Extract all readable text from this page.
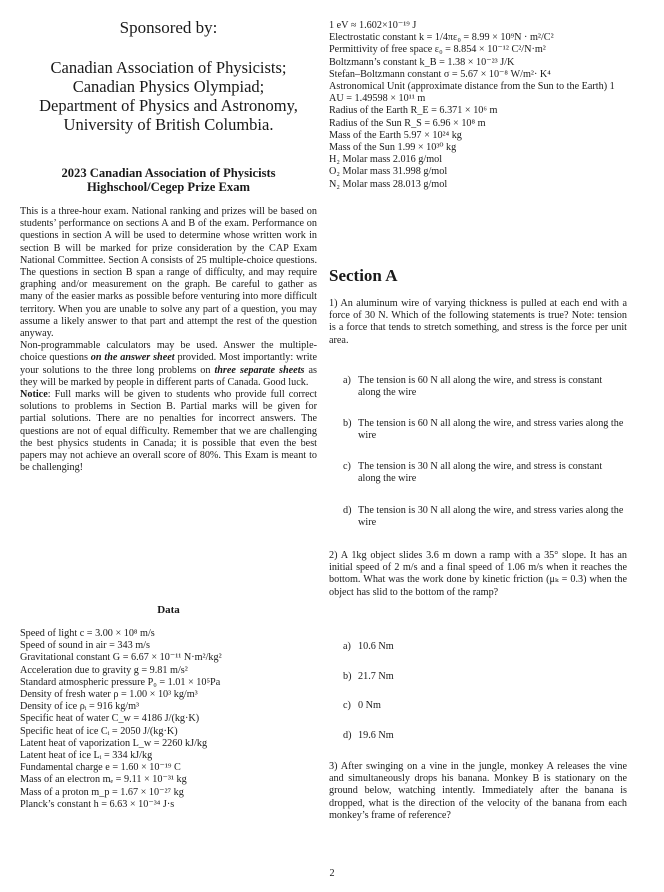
Sponsored by:
Canadian Association of Physicists;
Canadian Physics Olympiad;
Department of Physics and Astronomy,
University of British Columbia.
2023 Canadian Association of Physicists
Highschool/Cegep Prize Exam

This is a three-hour exam. National ranking and prizes will be based on students’ performance on sections A and B of the exam. Performance on questions in section A will be used to determine whose written work in section B will be marked for prize consideration by the CAP Exam National Committee. Section A consists of 25 multiple-choice questions. The questions in section B span a range of difficulty, and may require graphing and/or measurement on the graph. Be careful to gather as many of the easier marks as possible before venturing into more difficult territory. When you are unable to solve any part of a question, you may assume a likely answer to that part and attempt the rest of the question anyway.

Non-programmable calculators may be used. Answer the multiple-choice questions on the answer sheet provided. Most importantly: write your solutions to the three long problems on three separate sheets as they will be marked by people in different parts of Canada. Good luck.

Notice: Full marks will be given to students who provide full correct solutions to problems in Section B. Partial marks will be given for partial solutions. There are no penalties for incorrect answers. The questions are not of equal difficulty. Remember that we are challenging the best physics students in Canada; it is possible that even the best papers may not achieve an overall score of 80%. This Exam is meant to be challenging!

Data
Speed of light c = 3.00 × 10⁸ m/s
Speed of sound in air = 343 m/s
Gravitational constant G = 6.67 × 10⁻¹¹ N·m²/kg²
Acceleration due to gravity g = 9.81 m/s²
Standard atmospheric pressure P₀ = 1.01 × 10⁵Pa
Density of fresh water ρ = 1.00 × 10³ kg/m³
Density of ice ρᵢ = 916 kg/m³
Specific heat of water C_w = 4186 J/(kg·K)
Specific heat of ice Cᵢ = 2050 J/(kg·K)
Latent heat of vaporization L_w = 2260 kJ/kg
Latent heat of ice Lᵢ = 334 kJ/kg
Fundamental charge e = 1.60 × 10⁻¹⁹ C
Mass of an electron mₑ = 9.11 × 10⁻³¹ kg
Mass of a proton m_p = 1.67 × 10⁻²⁷ kg
Planck’s constant h = 6.63 × 10⁻³⁴ J·s
1 eV ≈ 1.602×10⁻¹⁹ J
Electrostatic constant k = 1/4πε₀ = 8.99 × 10⁹N · m²/C²
Permittivity of free space ε₀ = 8.854 × 10⁻¹² C²/N·m²
Boltzmann’s constant k_B = 1.38 × 10⁻²³ J/K
Stefan–Boltzmann constant σ = 5.67 × 10⁻⁸ W/m²· K⁴
Astronomical Unit (approximate distance from the Sun to the Earth) 1 AU = 1.49598 × 10¹¹ m
Radius of the Earth R_E = 6.371 × 10⁶ m
Radius of the Sun R_S = 6.96 × 10⁸ m
Mass of the Earth 5.97 × 10²⁴ kg
Mass of the Sun 1.99 × 10³⁰ kg
H₂ Molar mass 2.016 g/mol
O₂ Molar mass 31.998 g/mol
N₂ Molar mass 28.013 g/mol
Section A
1) An aluminum wire of varying thickness is pulled at each end with a force of 30 N. Which of the following statements is true? Note: tension is a force that tends to stretch something, and stress is the force per unit area.
a) The tension is 60 N all along the wire, and stress is constant along the wire
b) The tension is 60 N all along the wire, and stress varies along the wire
c) The tension is 30 N all along the wire, and stress is constant along the wire
d) The tension is 30 N all along the wire, and stress varies along the wire
2) A 1kg object slides 3.6 m down a ramp with a 35° slope. It has an initial speed of 2 m/s and a final speed of 1.06 m/s when it reaches the bottom. What was the work done by kinetic friction (μₖ = 0.3) when the object has slid to the bottom of the ramp?
a) 10.6 Nm
b) 21.7 Nm
c) 0 Nm
d) 19.6 Nm
3) After swinging on a vine in the jungle, monkey A releases the vine and simultaneously drops his banana. Monkey B is stationary on the ground below, watching intently. Immediately after the banana is dropped, what is the direction of the velocity of the banana from each monkey’s frame of reference?
2
